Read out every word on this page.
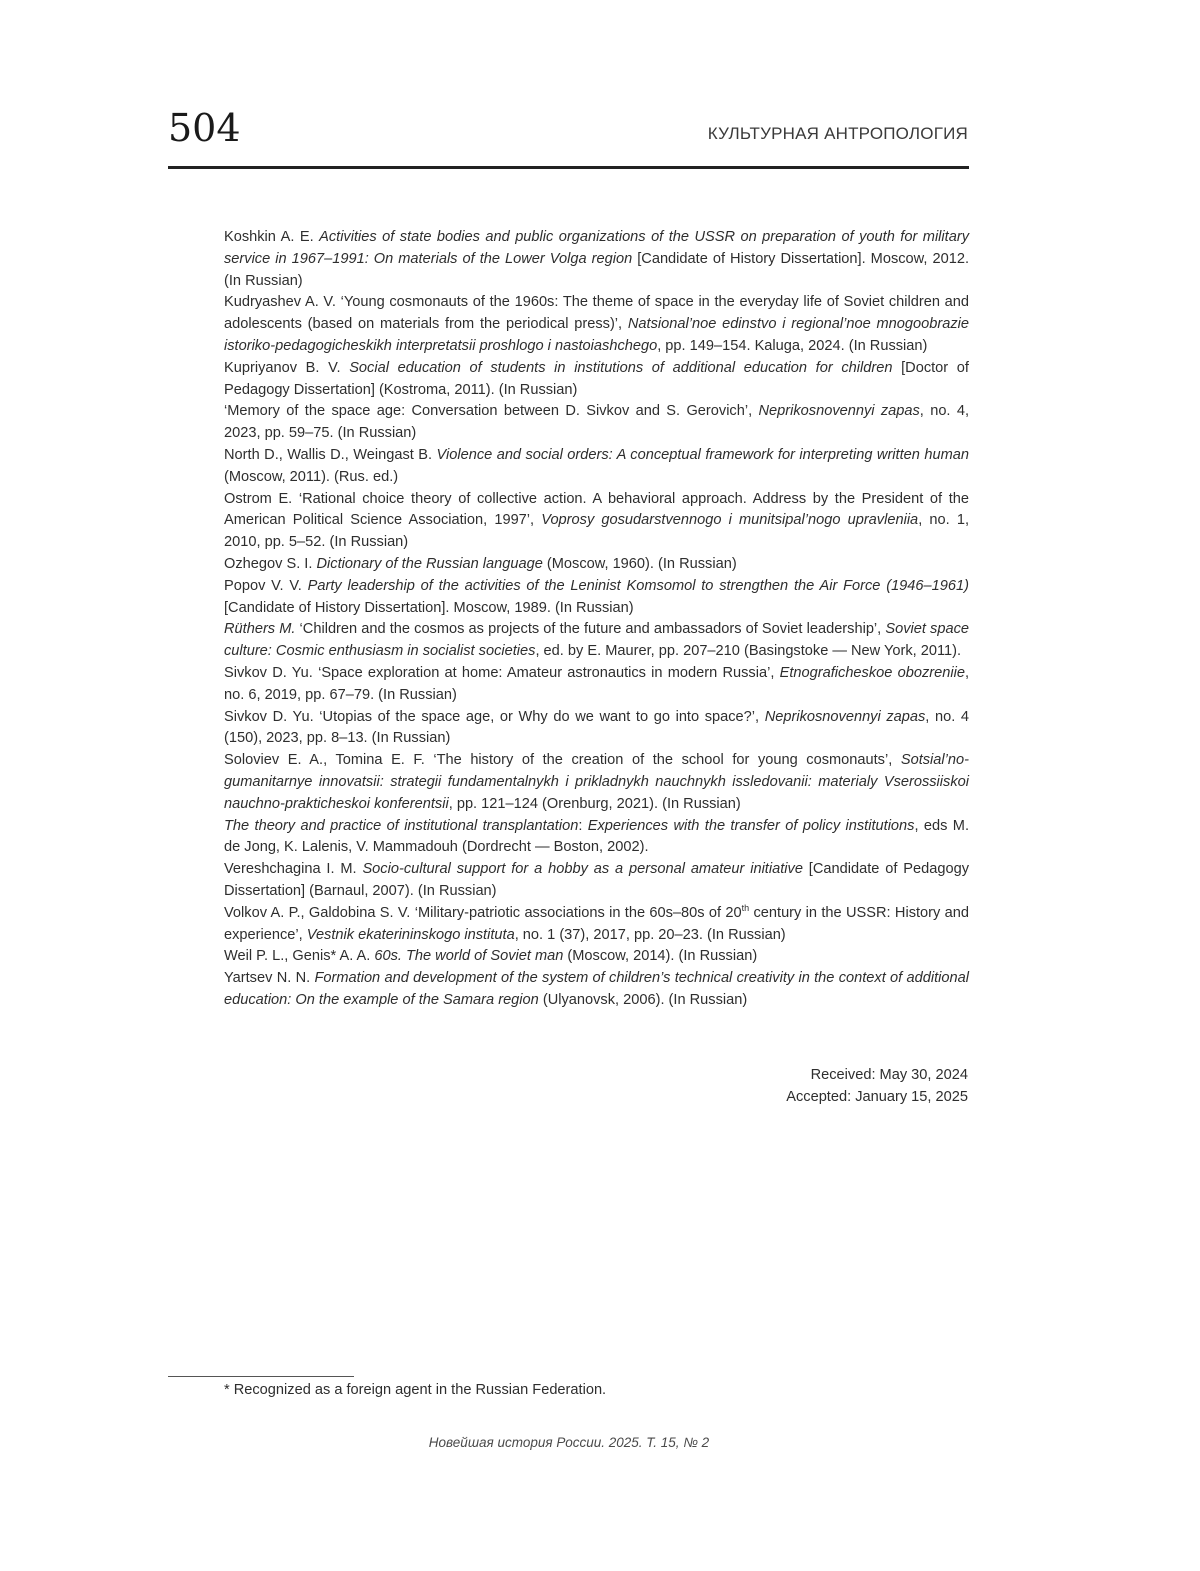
504	КУЛЬТУРНАЯ АНТРОПОЛОГИЯ
Koshkin A. E. Activities of state bodies and public organizations of the USSR on preparation of youth for military service in 1967–1991: On materials of the Lower Volga region [Candidate of History Dissertation]. Moscow, 2012. (In Russian)
Kudryashev A. V. ‘Young cosmonauts of the 1960s: The theme of space in the everyday life of Soviet children and adolescents (based on materials from the periodical press)’, Natsional’noe edinstvo i regional’noe mnogoobrazie istoriko-pedagogicheskikh interpretatsii proshlogo i nastoiashchego, pp. 149–154. Kaluga, 2024. (In Russian)
Kupriyanov B. V. Social education of students in institutions of additional education for children [Doctor of Pedagogy Dissertation] (Kostroma, 2011). (In Russian)
‘Memory of the space age: Conversation between D. Sivkov and S. Gerovich’, Neprikosnovennyi zapas, no. 4, 2023, pp. 59–75. (In Russian)
North D., Wallis D., Weingast B. Violence and social orders: A conceptual framework for interpreting written human (Moscow, 2011). (Rus. ed.)
Ostrom E. ‘Rational choice theory of collective action. A behavioral approach. Address by the President of the American Political Science Association, 1997’, Voprosy gosudarstvennogo i munitsipal’nogo upravleniia, no. 1, 2010, pp. 5–52. (In Russian)
Ozhegov S. I. Dictionary of the Russian language (Moscow, 1960). (In Russian)
Popov V. V. Party leadership of the activities of the Leninist Komsomol to strengthen the Air Force (1946–1961) [Candidate of History Dissertation]. Moscow, 1989. (In Russian)
Rüthers M. ‘Children and the cosmos as projects of the future and ambassadors of Soviet leadership’, Soviet space culture: Cosmic enthusiasm in socialist societies, ed. by E. Maurer, pp. 207–210 (Basingstoke — New York, 2011).
Sivkov D. Yu. ‘Space exploration at home: Amateur astronautics in modern Russia’, Etnograficheskoe obozreniie, no. 6, 2019, pp. 67–79. (In Russian)
Sivkov D. Yu. ‘Utopias of the space age, or Why do we want to go into space?’, Neprikosnovennyi zapas, no. 4 (150), 2023, pp. 8–13. (In Russian)
Soloviev E. A., Tomina E. F. ‘The history of the creation of the school for young cosmonauts’, Sotsial’no-gumanitarnye innovatsii: strategii fundamentalnykh i prikladnykh nauchnykh issledovanii: materialy Vserossiiskoi nauchno-prakticheskoi konferentsii, pp. 121–124 (Orenburg, 2021). (In Russian)
The theory and practice of institutional transplantation: Experiences with the transfer of policy institutions, eds M. de Jong, K. Lalenis, V. Mammadouh (Dordrecht — Boston, 2002).
Vereshchagina I. M. Socio-cultural support for a hobby as a personal amateur initiative [Candidate of Pedagogy Dissertation] (Barnaul, 2007). (In Russian)
Volkov A. P., Galdobina S. V. ‘Military-patriotic associations in the 60s–80s of 20th century in the USSR: History and experience’, Vestnik ekaterininskogo instituta, no. 1 (37), 2017, pp. 20–23. (In Russian)
Weil P. L., Genis* A. A. 60s. The world of Soviet man (Moscow, 2014). (In Russian)
Yartsev N. N. Formation and development of the system of children’s technical creativity in the context of additional education: On the example of the Samara region (Ulyanovsk, 2006). (In Russian)
Received: May 30, 2024
Accepted: January 15, 2025
* Recognized as a foreign agent in the Russian Federation.
Новейшая история России. 2025. Т. 15, № 2
